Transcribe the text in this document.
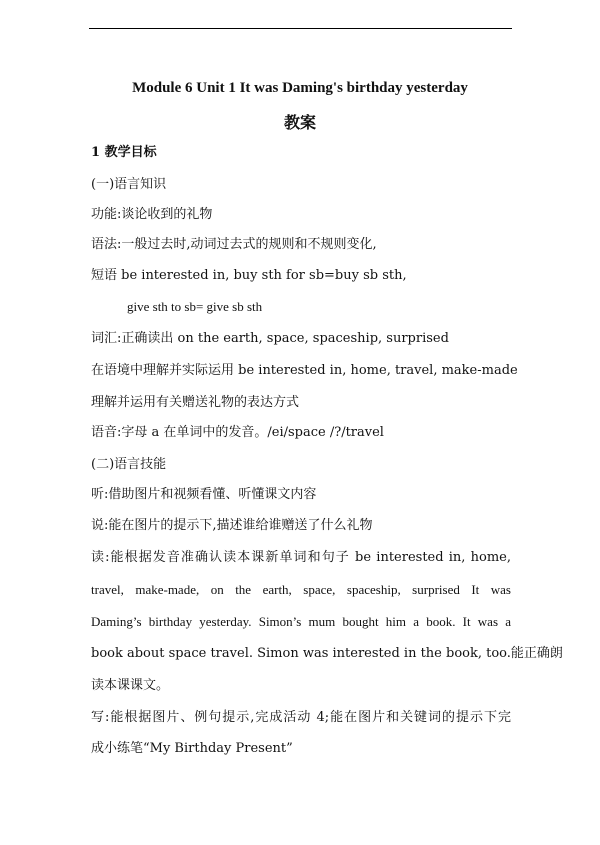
Module 6 Unit 1 It was Daming's birthday yesterday
教案
1 教学目标
(一)语言知识
功能:谈论收到的礼物
语法:一般过去时,动词过去式的规则和不规则变化,
短语 be interested in, buy sth for sb=buy sb sth,
give sth to sb= give sb sth
词汇:正确读出 on the earth, space, spaceship, surprised
在语境中理解并实际运用 be interested in, home, travel, make-made
理解并运用有关赠送礼物的表达方式
语音:字母 a 在单词中的发音。/ei/space /?/travel
(二)语言技能
听:借助图片和视频看懂、听懂课文内容
说:能在图片的提示下,描述谁给谁赠送了什么礼物
读:能根据发音准确认读本课新单词和句子 be interested in, home,
travel, make-made, on the earth, space, spaceship, surprised It was
Daming’s birthday yesterday. Simon’s mum bought him a book. It was a
book about space travel. Simon was interested in the book, too.能正确朗
读本课课文。
写:能根据图片、例句提示,完成活动 4;能在图片和关键词的提示下完
成小练笔“My Birthday Present”
